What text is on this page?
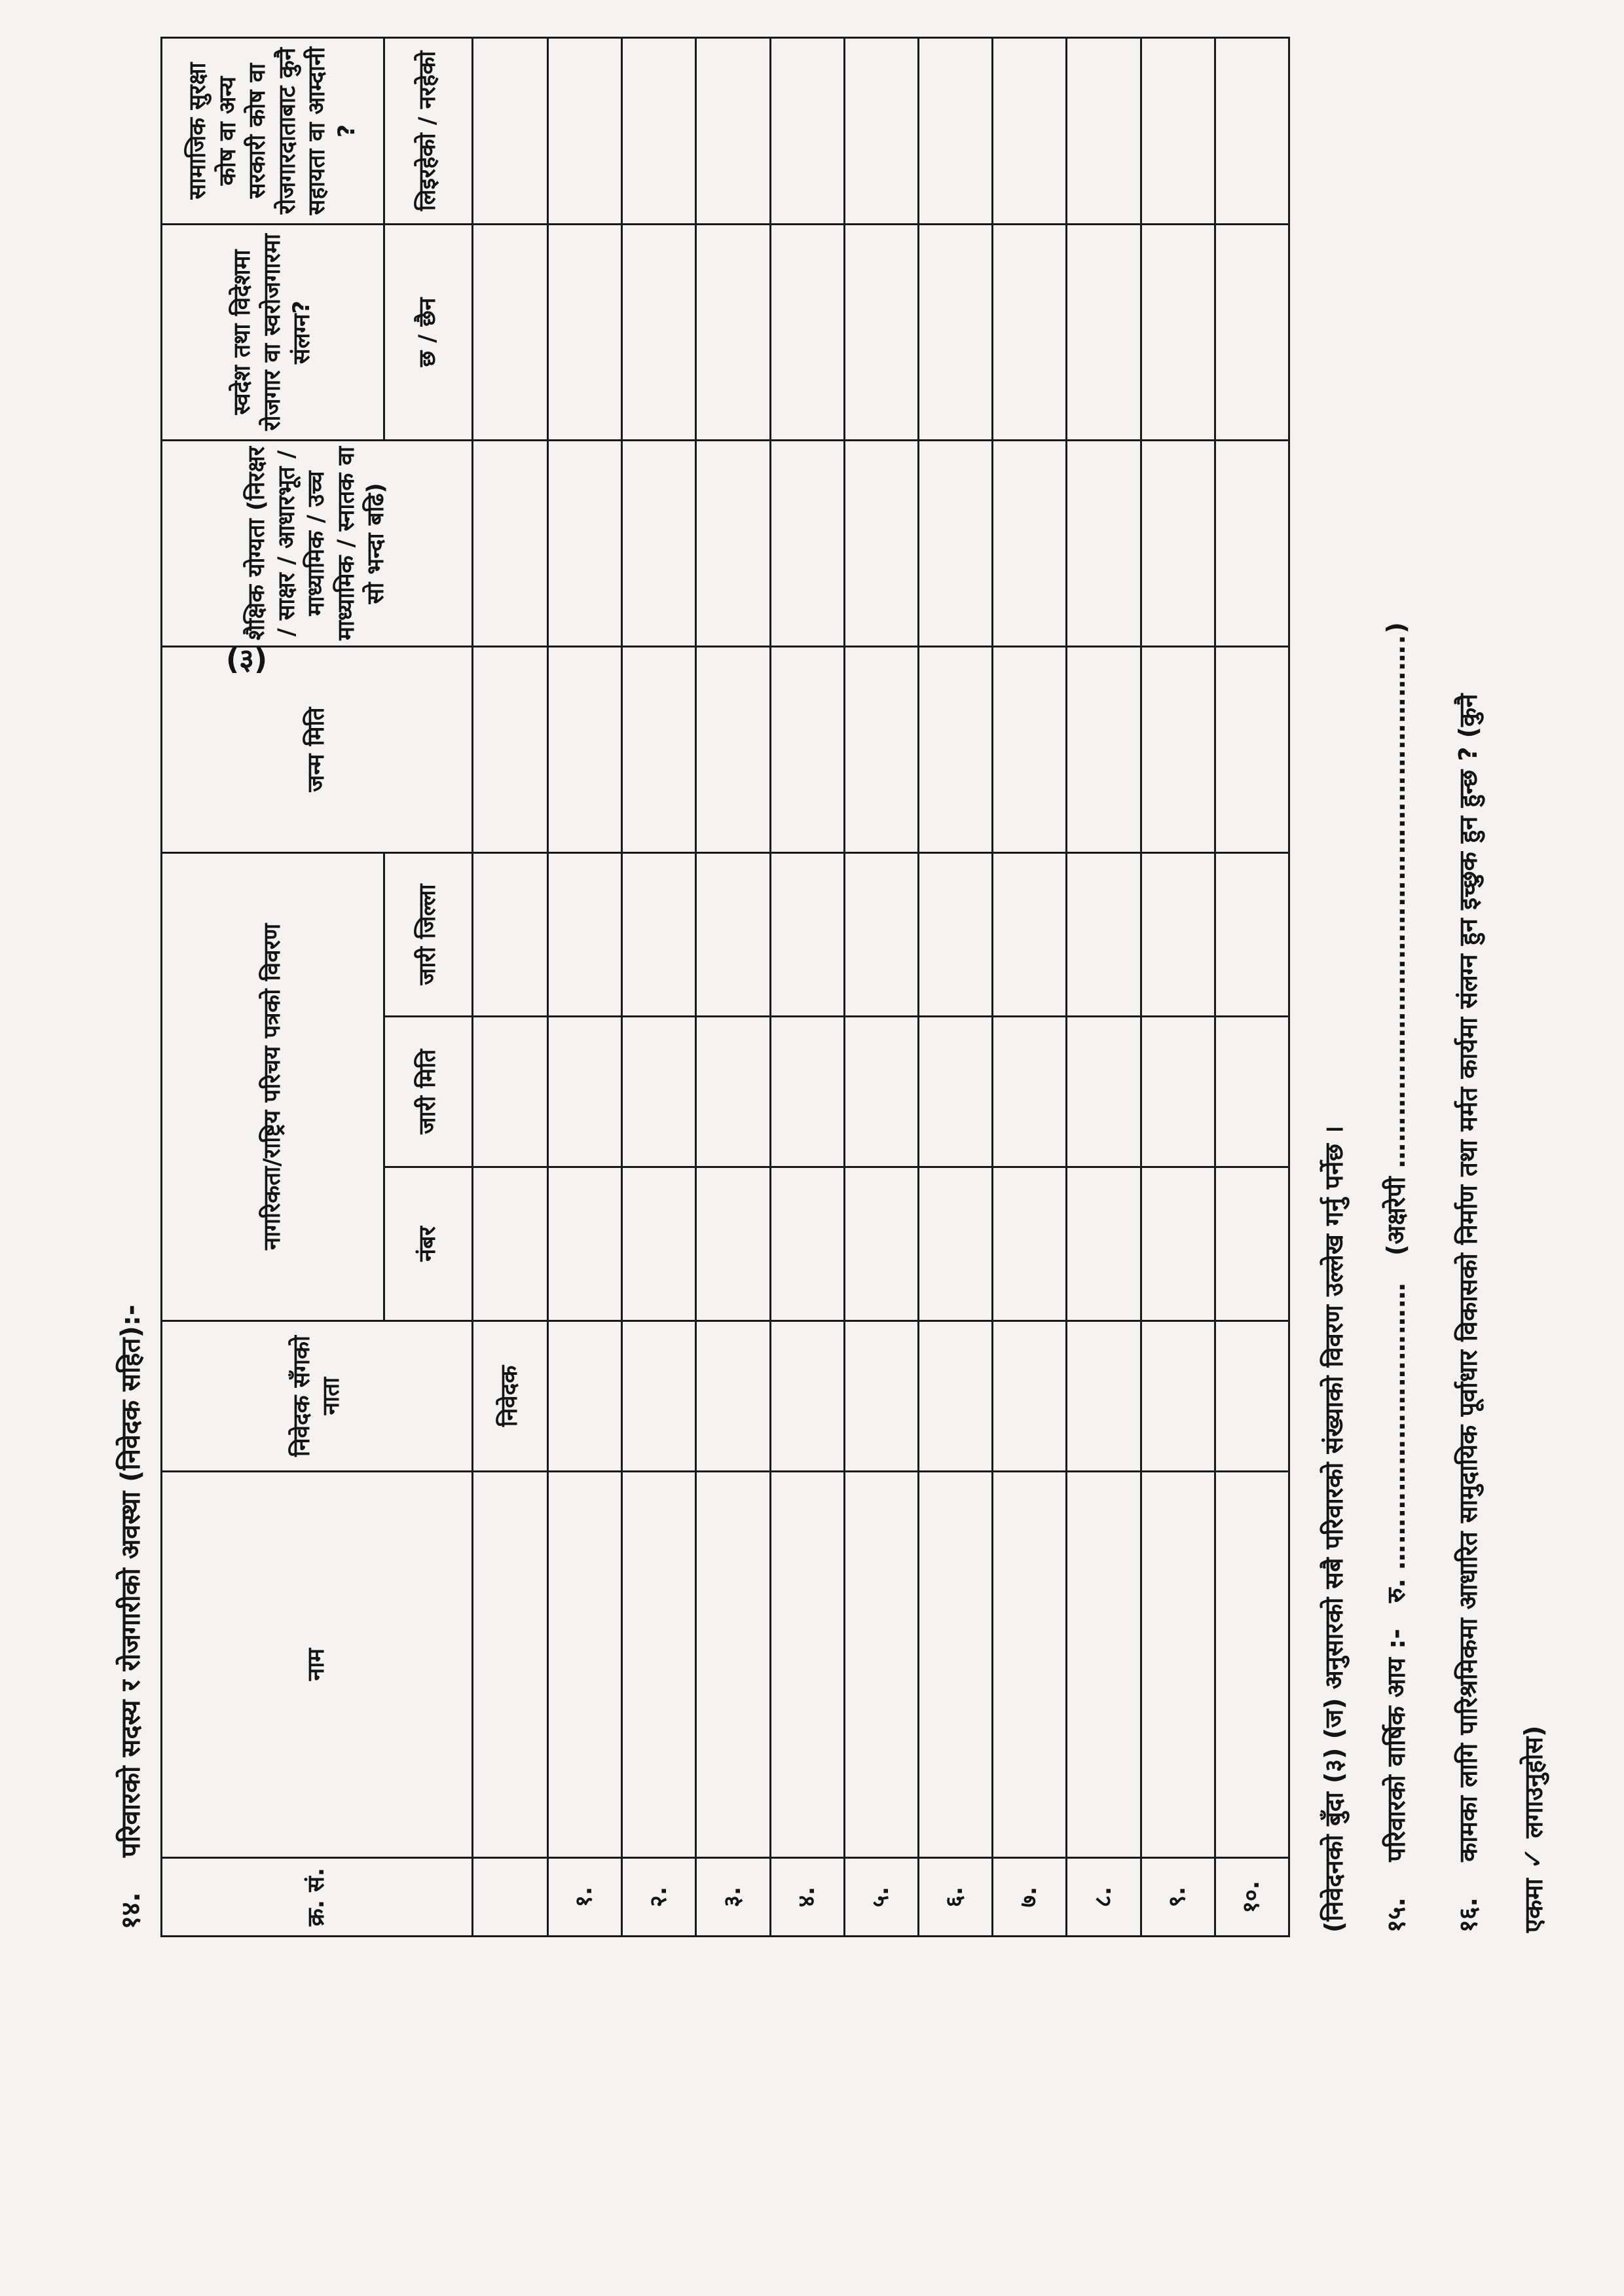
(३)
१४.परिवारको सदस्य र रोजगारीको अवस्था (निवेदक सहित):-
क्र. सं.	नाम	निवेदक सँगको नाता	नागरिकता/राष्ट्रिय परिचय पत्रको विवरण			जन्म मिति	शैक्षिक योग्यता (निरक्षर / साक्षर / आधारभूत / माध्यामिक / उच्च माध्यामिक / स्नातक वा सो भन्दा बढि)	स्वदेश तथा विदेशमा रोजगार वा स्वरोजगारमा संलग्न?	सामाजिक सुरक्षा कोष वा अन्य सरकारी कोष वा रोजगारदाताबाट कुनै सहायता वा आम्दानी ?
			नंबर	जारी मिति	जारी जिल्ला			छ / छैन	लिइरहेको / नरहेको
		निवेदक							
१.									
२.									
३.									
४.									
५.									
६.									
७.									
८.									
९.									
१०.									(निवेदनको बुँदा (३) (ज) अनुसारको सबै परिवारको संख्याको विवरण उल्लेख गर्नु पर्नेछ । १५. परिवारको वार्षिक आय :-   रु. ……………………………   (अक्षरेपी …………………………………………………….)
१६. कामका लागि पारिश्रमिकमा आधारित सामुदायिक पूर्वाधार विकासको निर्माण तथा मर्मत कार्यमा संलग्न हुन इच्छुक हुन हुन्छ ? (कुनै
एकमा ✓ लगाउनुहोस)
